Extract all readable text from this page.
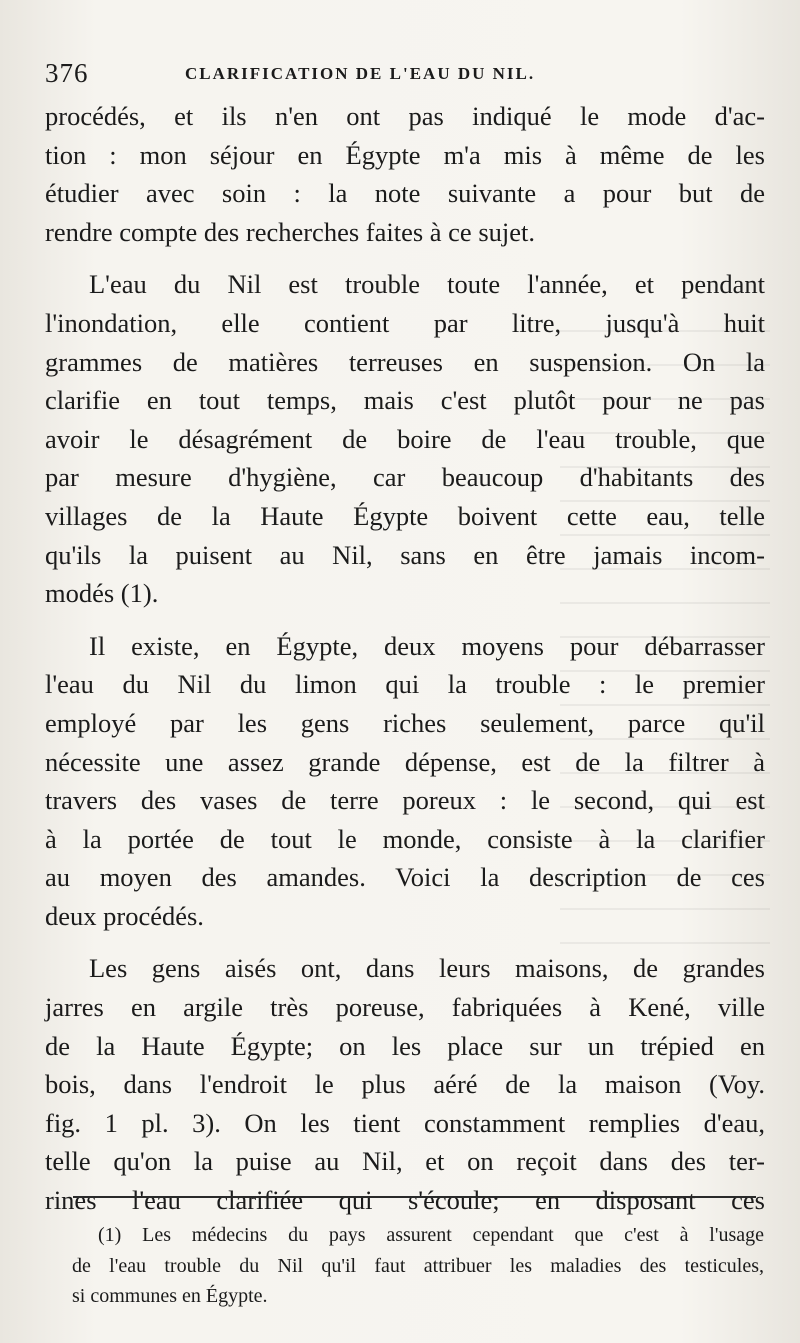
376	CLARIFICATION DE L'EAU DU NIL.

procédés, et ils n'en ont pas indiqué le mode d'ac-
tion : mon séjour en Égypte m'a mis à même de les
étudier avec soin : la note suivante a pour but de
rendre compte des recherches faites à ce sujet.

L'eau du Nil est trouble toute l'année, et pendant
l'inondation, elle contient par litre, jusqu'à huit
grammes de matières terreuses en suspension. On la
clarifie en tout temps, mais c'est plutôt pour ne pas
avoir le désagrément de boire de l'eau trouble, que
par mesure d'hygiène, car beaucoup d'habitants des
villages de la Haute Égypte boivent cette eau, telle
qu'ils la puisent au Nil, sans en être jamais incom-
modés (1).

Il existe, en Égypte, deux moyens pour débarrasser
l'eau du Nil du limon qui la trouble : le premier
employé par les gens riches seulement, parce qu'il
nécessite une assez grande dépense, est de la filtrer à
travers des vases de terre poreux : le second, qui est
à la portée de tout le monde, consiste à la clarifier
au moyen des amandes. Voici la description de ces
deux procédés.

Les gens aisés ont, dans leurs maisons, de grandes
jarres en argile très poreuse, fabriquées à Kené, ville
de la Haute Égypte; on les place sur un trépied en
bois, dans l'endroit le plus aéré de la maison (Voy.
fig. 1 pl. 3). On les tient constamment remplies d'eau,
telle qu'on la puise au Nil, et on reçoit dans des ter-
rines l'eau clarifiée qui s'écoule; en disposant ces

(1) Les médecins du pays assurent cependant que c'est à l'usage
de l'eau trouble du Nil qu'il faut attribuer les maladies des testicules,
si communes en Égypte.
